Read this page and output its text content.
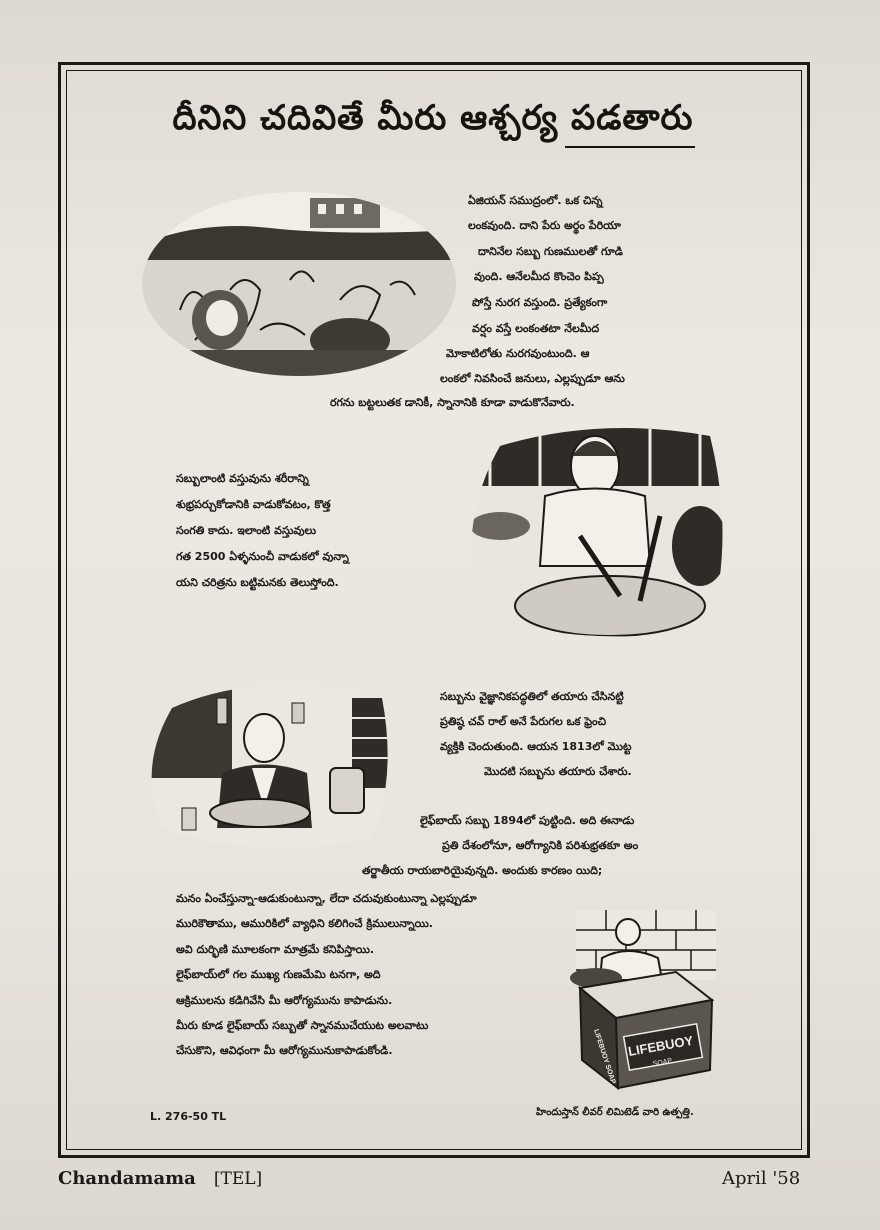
దీనిని చదివితే మీరు ఆశ్చర్య పడతారు
LIFEBUOY
SOAP
LIFEBUOY SOAP
ఏజియన్ సముద్రంలో. ఒక చిన్న
లంకవుంది. దాని పేరు అర్థం పేరియా
దానినేల సబ్బు గుణములతో గూడి
వుంది. ఆనేలమీద కొంచెం పిప్ప
పోస్తే నురగ వస్తుంది. ప్రత్యేకంగా
వర్షం వస్తే లంకంతటా నేలమీద
మోకాటిలోతు నురగవుంటుంది. ఆ
లంకలో నివసించే జనులు, ఎల్లప్పుడూ ఆను
రగను బట్టలుతక డానికీ, స్నానానికి కూడా వాడుకొనేవారు.
సబ్బులాంటి వస్తువును శరీరాన్ని
శుభ్రపర్చుకోడానికి వాడుకోవటం, కొత్త
సంగతి కాదు. ఇలాంటి వస్తువులు
గత 2500 ఏళ్ళనుంచీ వాడుకలో వున్నా
యని చరిత్రను బట్టిమనకు తెలుస్తోంది.
సబ్బును వైజ్ఞానికపద్ధతిలో తయారు చేసినట్టి
ప్రతిష్ఠ చవ్ రాల్ అనే పేరుగల ఒక ఫ్రెంచి
వ్యక్తికి చెందుతుంది. ఆయన 1813లో మొట్ట
మొదటి సబ్బును తయారు చేశారు.
లైఫ్‌బాయ్ సబ్బు 1894లో పుట్టింది. అది ఈనాడు
ప్రతి దేశంలోనూ, ఆరోగ్యానికి పరిశుభ్రతకూ అం
తర్జాతీయ రాయబారియైవున్నది. అందుకు కారణం యిది;
మనం ఏంచేస్తున్నా-ఆడుకుంటున్నా, లేదా చదువుకుంటున్నా ఎల్లప్పుడూ
మురికౌతాము, ఆమురికిలో వ్యాధిని కలిగించే క్రిములున్నాయి.
అవి దుర్భిణి మూలకంగా మాత్రమే కనిపిస్తాయి.
లైఫ్‌బాయ్‌లో గల ముఖ్య గుణమేమి టనగా, అది
ఆక్రిములను కడిగివేసి మీ ఆరోగ్యమును కాపాడును.
మీరు కూడ లైఫ్‌బాయ్ సబ్బుతో స్నానముచేయుట అలవాటు
చేసుకొని, ఆవిధంగా మీ ఆరోగ్యమునుకాపాడుకోండి.
L. 276-50 TL	హిందుస్తాన్ లీవర్ లిమిటెడ్ వారి ఉత్పత్తి.
Chandamama [TEL]	April '58
